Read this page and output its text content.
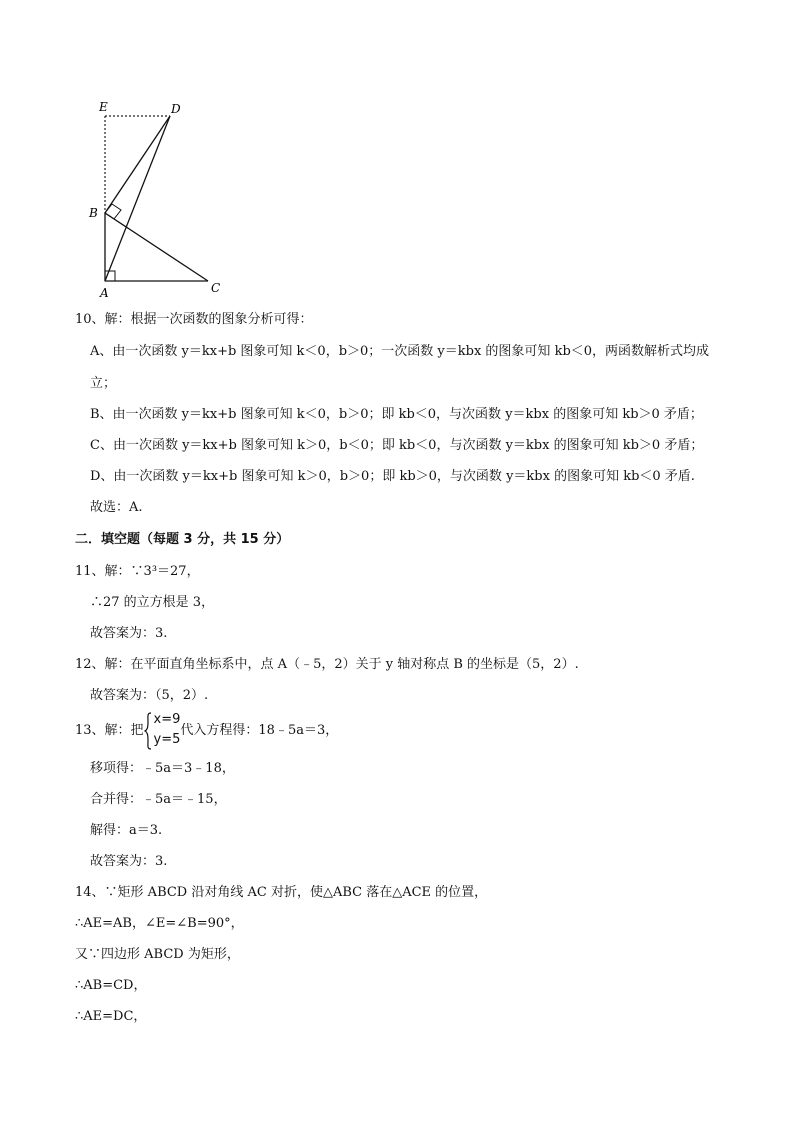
E	D
B
A	C
10、解：根据一次函数的图象分析可得：
A、由一次函数 y＝kx+b 图象可知 k＜0，b＞0；一次函数 y＝kbx 的图象可知 kb＜0，两函数解析式均成
立；
B、由一次函数 y＝kx+b 图象可知 k＜0，b＞0；即 kb＜0，与次函数 y＝kbx 的图象可知 kb＞0 矛盾；
C、由一次函数 y＝kx+b 图象可知 k＞0，b＜0；即 kb＜0，与次函数 y＝kbx 的图象可知 kb＞0 矛盾；
D、由一次函数 y＝kx+b 图象可知 k＞0，b＞0；即 kb＞0，与次函数 y＝kbx 的图象可知 kb＜0 矛盾.
故选：A.
二．填空题（每题 3 分，共 15 分）
11、解：∵3³＝27，
∴27 的立方根是 3，
故答案为：3.
12、解：在平面直角坐标系中，点 A（﹣5，2）关于 y 轴对称点 B 的坐标是（5，2）.
故答案为：（5，2）.
13、解：把
x=9
y=5代入方程得：18﹣5a＝3，
移项得：﹣5a＝3﹣18，
合并得：﹣5a＝﹣15，
解得：a＝3.
故答案为：3.
14、∵矩形 ABCD 沿对角线 AC 对折，使△ABC 落在△ACE 的位置，
∴AE=AB，∠E=∠B=90°，
又∵四边形 ABCD 为矩形，
∴AB=CD，
∴AE=DC，
